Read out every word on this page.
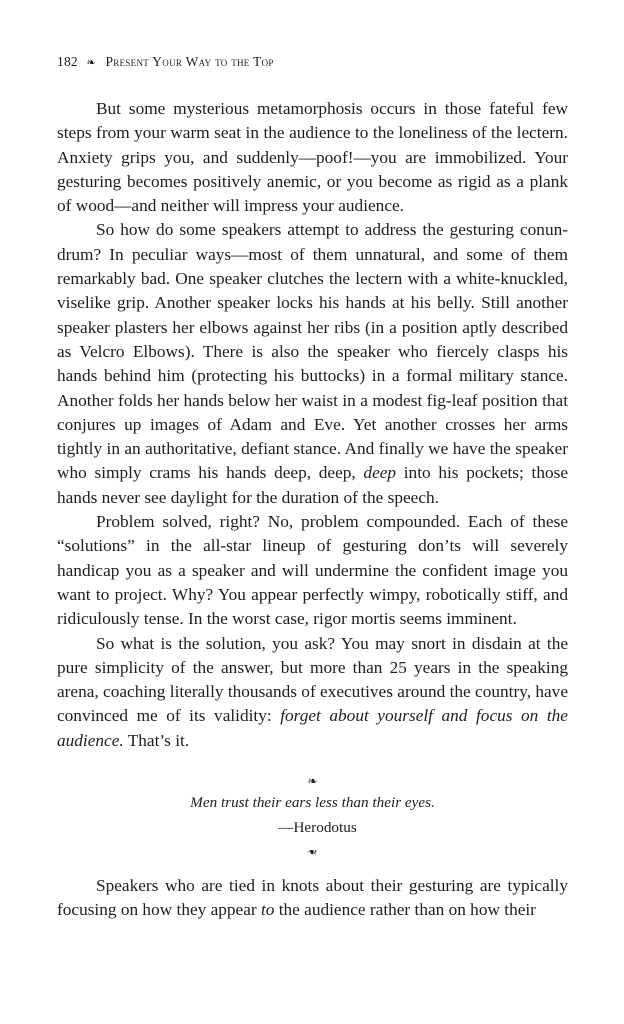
182 ❧ Present Your Way to the Top

But some mysterious metamorphosis occurs in those fateful few steps from your warm seat in the audience to the loneliness of the lectern. Anxiety grips you, and suddenly—poof!—you are immobilized. Your gesturing becomes positively anemic, or you become as rigid as a plank of wood—and neither will impress your audience.

So how do some speakers attempt to address the gesturing conundrum? In peculiar ways—most of them unnatural, and some of them remarkably bad. One speaker clutches the lectern with a white-knuckled, viselike grip. Another speaker locks his hands at his belly. Still another speaker plasters her elbows against her ribs (in a position aptly described as Velcro Elbows). There is also the speaker who fiercely clasps his hands behind him (protecting his buttocks) in a formal military stance. Another folds her hands below her waist in a modest fig-leaf position that conjures up images of Adam and Eve. Yet another crosses her arms tightly in an authoritative, defiant stance. And finally we have the speaker who simply crams his hands deep, deep, deep into his pockets; those hands never see daylight for the duration of the speech.

Problem solved, right? No, problem compounded. Each of these “solutions” in the all-star lineup of gesturing don’ts will severely handicap you as a speaker and will undermine the confident image you want to project. Why? You appear perfectly wimpy, robotically stiff, and ridiculously tense. In the worst case, rigor mortis seems imminent.

So what is the solution, you ask? You may snort in disdain at the pure simplicity of the answer, but more than 25 years in the speaking arena, coaching literally thousands of executives around the country, have convinced me of its validity: forget about yourself and focus on the audience. That’s it.

❧

Men trust their ears less than their eyes.

—Herodotus

❧

Speakers who are tied in knots about their gesturing are typically focusing on how they appear to the audience rather than on how their
